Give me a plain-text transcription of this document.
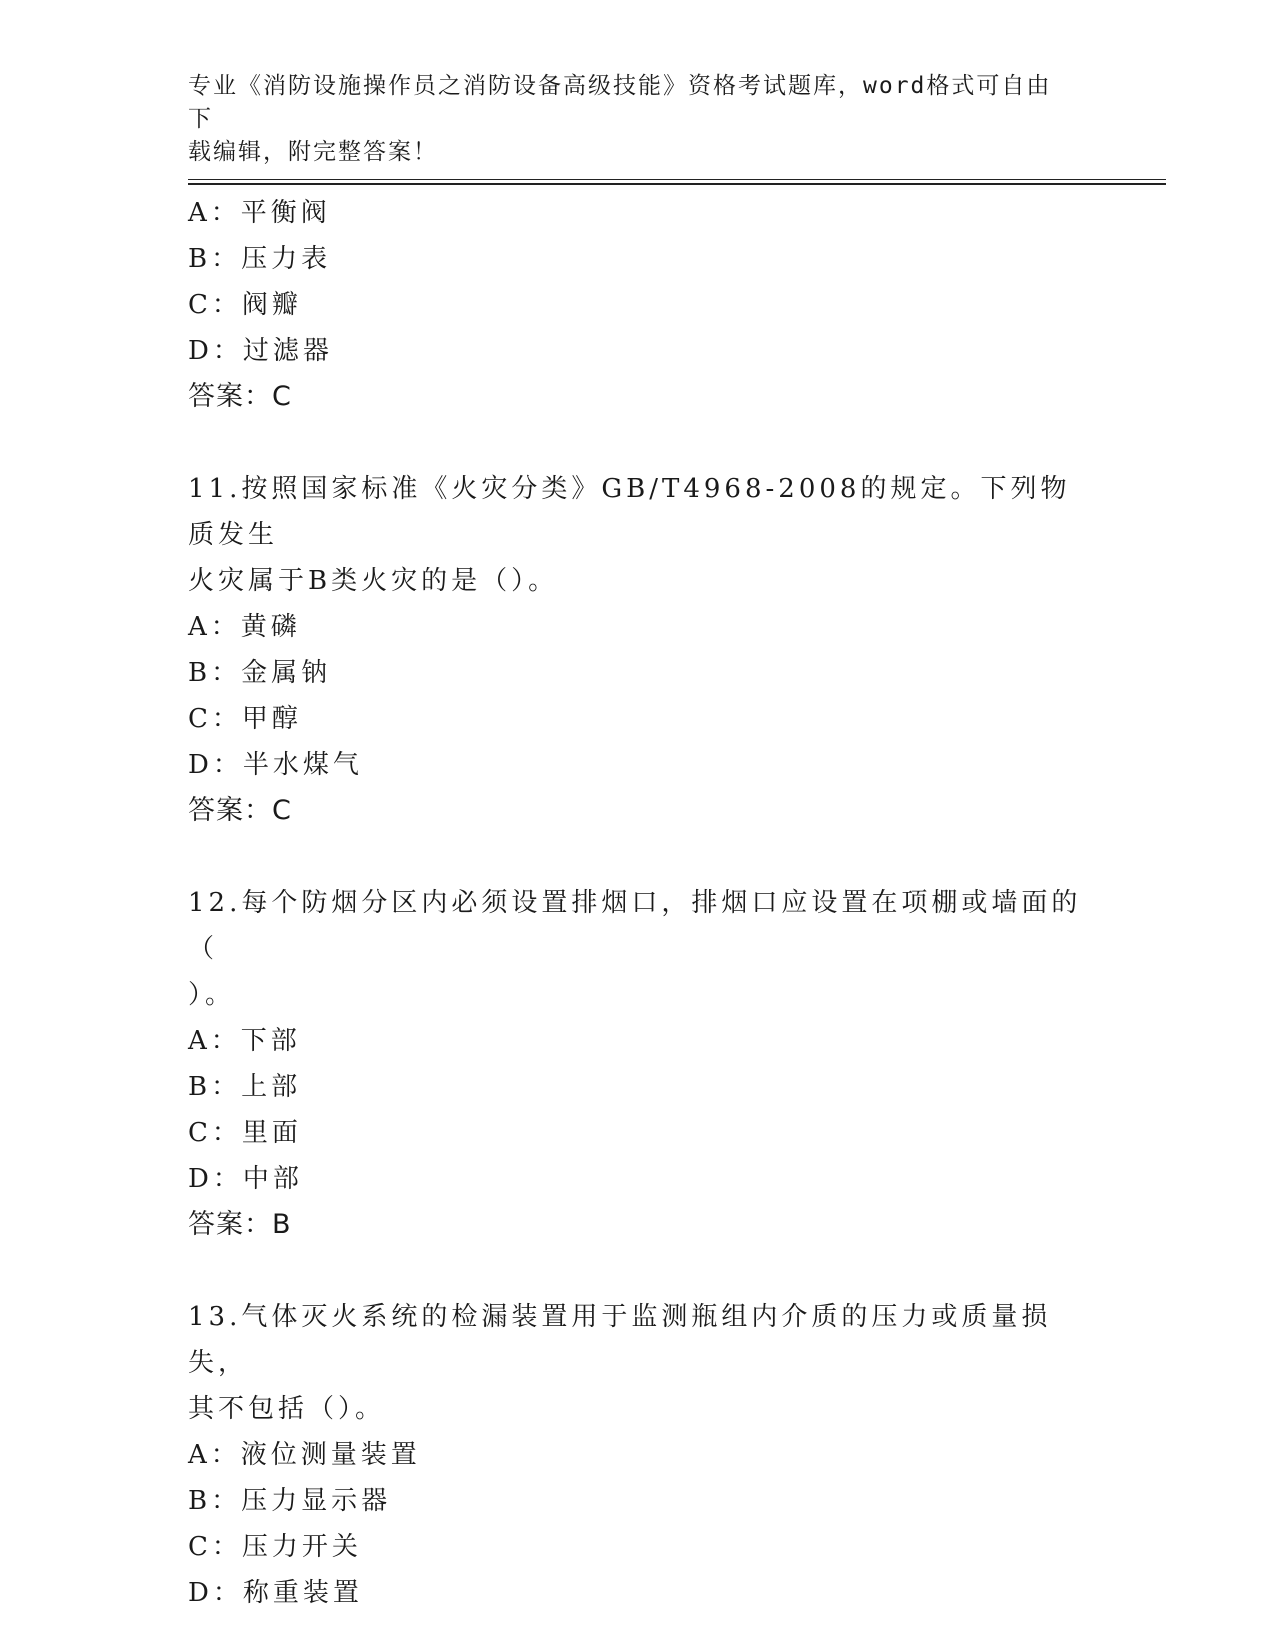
专业《消防设施操作员之消防设备高级技能》资格考试题库，word格式可自由下
载编辑，附完整答案！
A：平衡阀
B：压力表
C：阀瓣
D：过滤器
答案：C
11.按照国家标准《火灾分类》GB/T4968-2008的规定。下列物质发生
火灾属于B类火灾的是（）。
A：黄磷
B：金属钠
C：甲醇
D：半水煤气
答案：C
12.每个防烟分区内必须设置排烟口，排烟口应设置在项棚或墙面的（
）。
A：下部
B：上部
C：里面
D：中部
答案：B
13.气体灭火系统的检漏装置用于监测瓶组内介质的压力或质量损失，
其不包括（）。
A：液位测量装置
B：压力显示器
C：压力开关
D：称重装置
